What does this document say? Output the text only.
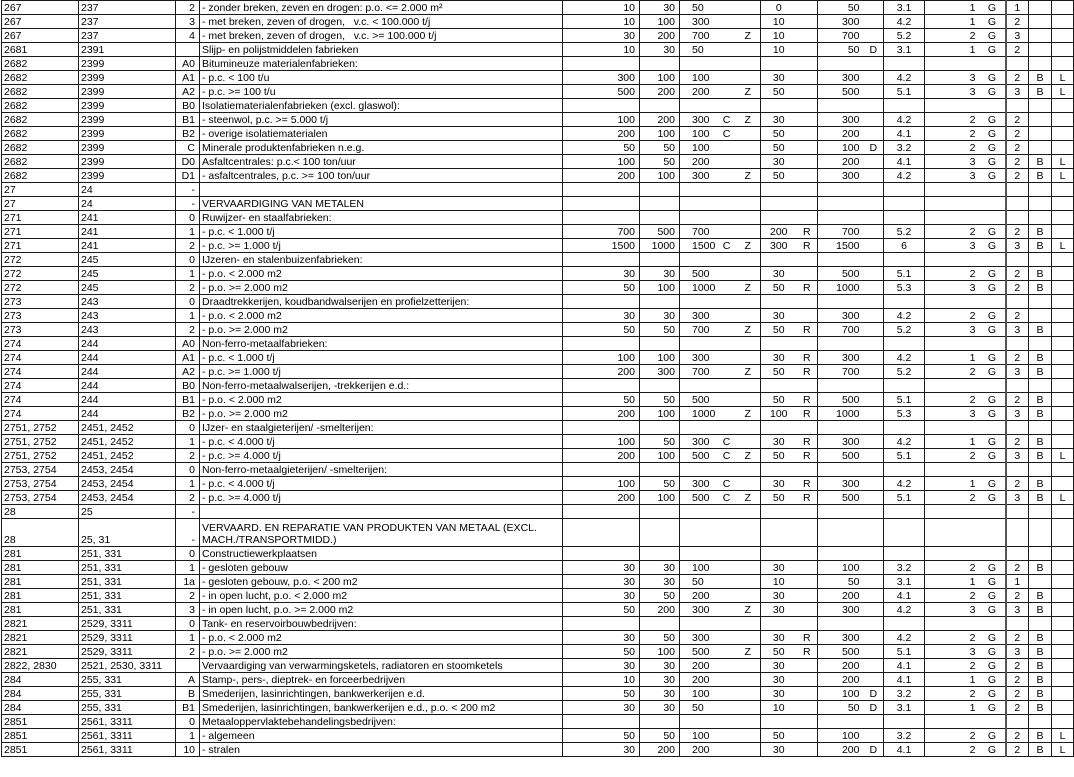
267	237	2	- zonder breken, zeven en drogen: p.o. <= 2.000 m²	10	30	50			0		50		3.1	1	G	1		
267	237	3	- met breken, zeven of drogen,   v.c. < 100.000 t/j	10	100	300			10		300		4.2	1	G	2		
267	237	4	- met breken, zeven of drogen,   v.c. >= 100.000 t/j	30	200	700		Z	10		700		5.2	2	G	3		
2681	2391		Slijp- en polijstmiddelen fabrieken	10	30	50			10		50	D	3.1	1	G	2		
2682	2399	A0	Bitumineuze materialenfabrieken:															
2682	2399	A1	- p.c. < 100 t/u	300	100	100			30		300		4.2	3	G	2	B	L
2682	2399	A2	- p.c. >= 100 t/u	500	200	200		Z	50		500		5.1	3	G	3	B	L
2682	2399	B0	Isolatiematerialenfabrieken (excl. glaswol):															
2682	2399	B1	- steenwol, p.c. >= 5.000 t/j	100	200	300	C	Z	30		300		4.2	2	G	2		
2682	2399	B2	- overige isolatiematerialen	200	100	100	C		50		200		4.1	2	G	2		
2682	2399	C	Minerale produktenfabrieken n.e.g.	50	50	100			50		100	D	3.2	2	G	2		
2682	2399	D0	Asfaltcentrales: p.c.< 100 ton/uur	100	50	200			30		200		4.1	3	G	2	B	L
2682	2399	D1	- asfaltcentrales, p.c. >= 100 ton/uur	200	100	300		Z	50		300		4.2	3	G	2	B	L
27	24	-																
27	24	-	VERVAARDIGING VAN METALEN															
271	241	0	Ruwijzer- en staalfabrieken:															
271	241	1	- p.c. < 1.000 t/j	700	500	700			200	R	700		5.2	2	G	2	B	
271	241	2	- p.c. >= 1.000 t/j	1500	1000	1500	C	Z	300	R	1500		6	3	G	3	B	L
272	245	0	IJzeren- en stalenbuizenfabrieken:															
272	245	1	- p.o. < 2.000 m2	30	30	500			30		500		5.1	2	G	2	B	
272	245	2	- p.o. >= 2.000 m2	50	100	1000		Z	50	R	1000		5.3	3	G	2	B	
273	243	0	Draadtrekkerijen, koudbandwalserijen en profielzetterijen:															
273	243	1	- p.o. < 2.000 m2	30	30	300			30		300		4.2	2	G	2		
273	243	2	- p.o. >= 2.000 m2	50	50	700		Z	50	R	700		5.2	3	G	3	B	
274	244	A0	Non-ferro-metaalfabrieken:															
274	244	A1	- p.c. < 1.000 t/j	100	100	300			30	R	300		4.2	1	G	2	B	
274	244	A2	- p.c. >= 1.000 t/j	200	300	700		Z	50	R	700		5.2	2	G	3	B	
274	244	B0	Non-ferro-metaalwalserijen, -trekkerijen e.d.:															
274	244	B1	- p.o. < 2.000 m2	50	50	500			50	R	500		5.1	2	G	2	B	
274	244	B2	- p.o. >= 2.000 m2	200	100	1000		Z	100	R	1000		5.3	3	G	3	B	
2751, 2752	2451, 2452	0	IJzer- en staalgieterijen/ -smelterijen:															
2751, 2752	2451, 2452	1	- p.c. < 4.000 t/j	100	50	300	C		30	R	300		4.2	1	G	2	B	
2751, 2752	2451, 2452	2	- p.c. >= 4.000 t/j	200	100	500	C	Z	50	R	500		5.1	2	G	3	B	L
2753, 2754	2453, 2454	0	Non-ferro-metaalgieterijen/ -smelterijen:															
2753, 2754	2453, 2454	1	- p.c. < 4.000 t/j	100	50	300	C		30	R	300		4.2	1	G	2	B	
2753, 2754	2453, 2454	2	- p.c. >= 4.000 t/j	200	100	500	C	Z	50	R	500		5.1	2	G	3	B	L
28	25	-																
28	25, 31	-	VERVAARD. EN REPARATIE VAN PRODUKTEN VAN METAAL (EXCL.
MACH./TRANSPORTMIDD.)															
281	251, 331	0	Constructiewerkplaatsen															
281	251, 331	1	- gesloten gebouw	30	30	100			30		100		3.2	2	G	2	B	
281	251, 331	1a	- gesloten gebouw, p.o. < 200 m2	30	30	50			10		50		3.1	1	G	1		
281	251, 331	2	- in open lucht, p.o. < 2.000 m2	30	50	200			30		200		4.1	2	G	2	B	
281	251, 331	3	- in open lucht, p.o. >= 2.000 m2	50	200	300		Z	30		300		4.2	3	G	3	B	
2821	2529, 3311	0	Tank- en reservoirbouwbedrijven:															
2821	2529, 3311	1	- p.o. < 2.000 m2	30	50	300			30	R	300		4.2	2	G	2	B	
2821	2529, 3311	2	- p.o. >= 2.000 m2	50	100	500		Z	50	R	500		5.1	3	G	3	B	
2822, 2830	2521, 2530, 3311		Vervaardiging van verwarmingsketels, radiatoren en stoomketels	30	30	200			30		200		4.1	2	G	2	B	
284	255, 331	A	Stamp-, pers-, dieptrek- en forceerbedrijven	10	30	200			30		200		4.1	1	G	2	B	
284	255, 331	B	Smederijen, lasinrichtingen, bankwerkerijen e.d.	50	30	100			30		100	D	3.2	2	G	2	B	
284	255, 331	B1	Smederijen, lasinrichtingen, bankwerkerijen e.d., p.o. < 200 m2	30	30	50			10		50	D	3.1	1	G	2	B	
2851	2561, 3311	0	Metaaloppervlaktebehandelingsbedrijven:															
2851	2561, 3311	1	- algemeen	50	50	100			50		100		3.2	2	G	2	B	L
2851	2561, 3311	10	- stralen	30	200	200			30		200	D	4.1	2	G	2	B	L
